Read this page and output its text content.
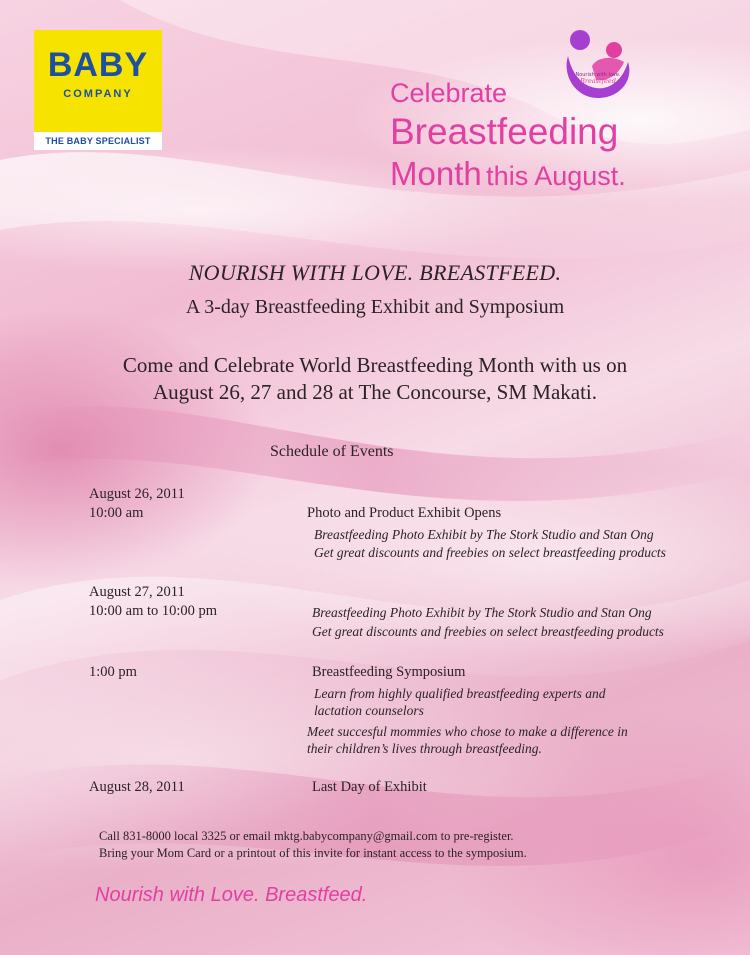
BABY
COMPANY
THE BABY SPECIALIST
Nourish with love.
Breastfeed
Celebrate
Breastfeeding
Month this August.
NOURISH WITH LOVE. BREASTFEED.
A 3-day Breastfeeding Exhibit and Symposium
Come and Celebrate World Breastfeeding Month with us on
August 26, 27 and 28 at The Concourse, SM Makati.
Schedule of Events
August 26, 2011
10:00 am	Photo and Product Exhibit Opens
Breastfeeding Photo Exhibit by The Stork Studio and Stan Ong
Get great discounts and freebies on select breastfeeding products
August 27, 2011
10:00 am to 10:00 pm	Breastfeeding Photo Exhibit by The Stork Studio and Stan Ong
Get great discounts and freebies on select breastfeeding products
1:00 pm	Breastfeeding Symposium
Learn from highly qualified breastfeeding experts and
lactation counselors
Meet succesful mommies who chose to make a difference in
their children’s lives through breastfeeding.
August 28, 2011	Last Day of Exhibit
Call 831-8000 local 3325 or email mktg.babycompany@gmail.com to pre-register.
Bring your Mom Card or a printout of this invite for instant access to the symposium.
Nourish with Love. Breastfeed.
